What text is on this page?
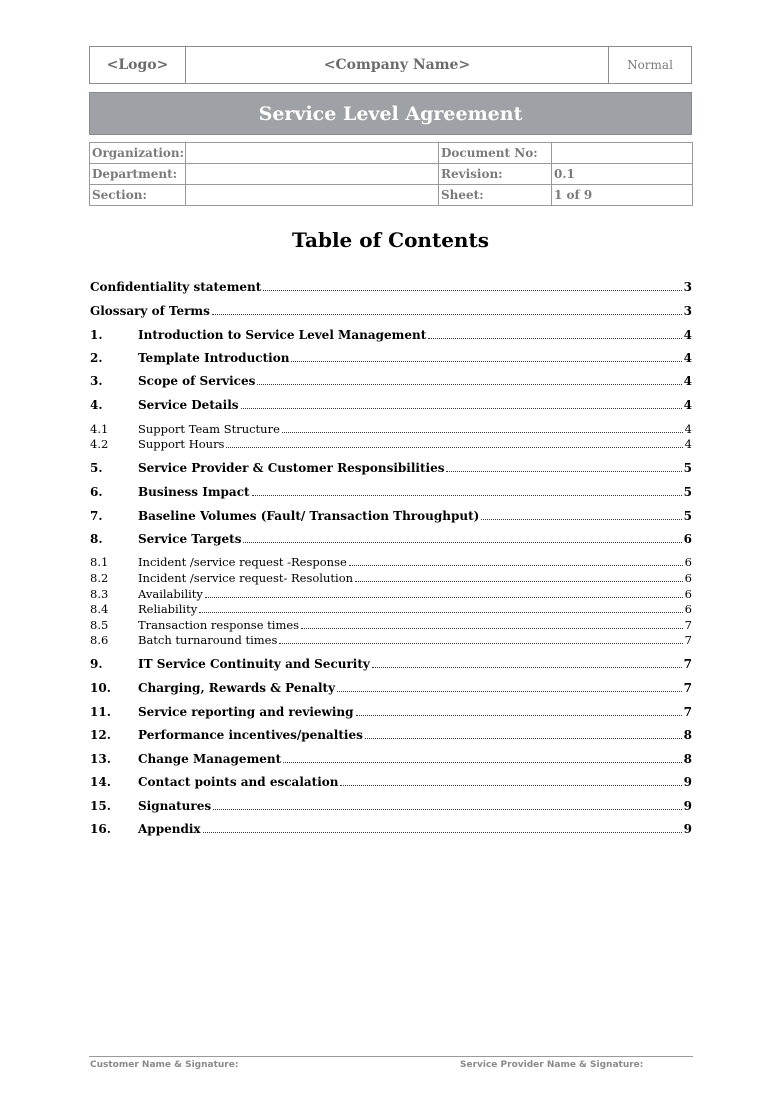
<Logo>	<Company Name>	Normal
Service Level Agreement
Organization:		Document No:	
Department:		Revision:	0.1
Section:		Sheet:	1 of 9
Table of Contents
Confidentiality statement	3
Glossary of Terms	3
1.	Introduction to Service Level Management	4
2.	Template Introduction	4
3.	Scope of Services	4
4.	Service Details	4
4.1	Support Team Structure	4
4.2	Support Hours	4
5.	Service Provider & Customer Responsibilities	5
6.	Business Impact	5
7.	Baseline Volumes (Fault/ Transaction Throughput)	5
8.	Service Targets	6
8.1	Incident /service request -Response	6
8.2	Incident /service request- Resolution	6
8.3	Availability	6
8.4	Reliability	6
8.5	Transaction response times	7
8.6	Batch turnaround times	7
9.	IT Service Continuity and Security	7
10.	Charging, Rewards & Penalty	7
11.	Service reporting and reviewing	7
12.	Performance incentives/penalties	8
13.	Change Management	8
14.	Contact points and escalation	9
15.	Signatures	9
16.	Appendix	9
Customer Name & Signature:	Service Provider Name & Signature:
